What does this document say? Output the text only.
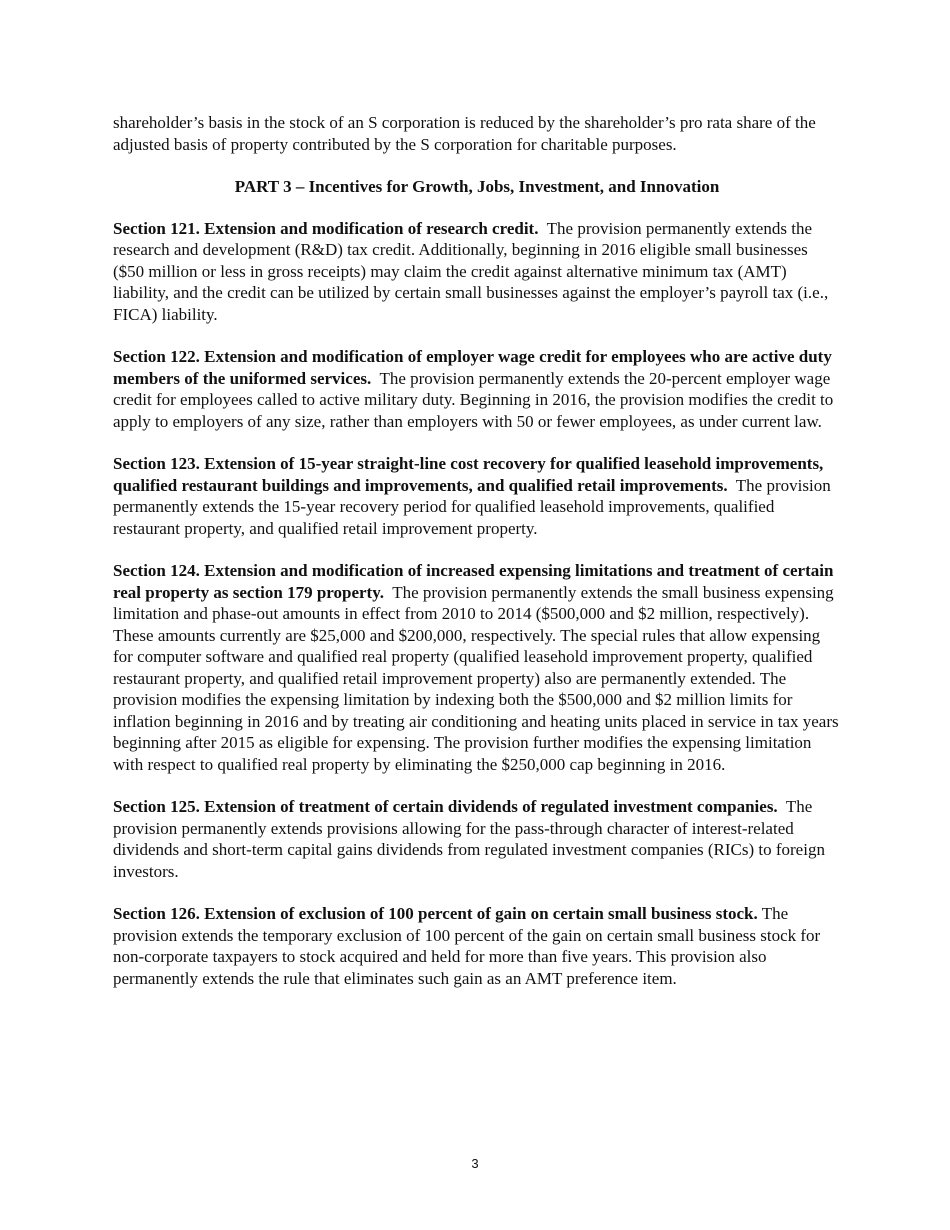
shareholder’s basis in the stock of an S corporation is reduced by the shareholder’s pro rata share of the adjusted basis of property contributed by the S corporation for charitable purposes.

PART 3 – Incentives for Growth, Jobs, Investment, and Innovation

Section 121. Extension and modification of research credit. The provision permanently extends the research and development (R&D) tax credit. Additionally, beginning in 2016 eligible small businesses ($50 million or less in gross receipts) may claim the credit against alternative minimum tax (AMT) liability, and the credit can be utilized by certain small businesses against the employer’s payroll tax (i.e., FICA) liability.

Section 122. Extension and modification of employer wage credit for employees who are active duty members of the uniformed services. The provision permanently extends the 20-percent employer wage credit for employees called to active military duty. Beginning in 2016, the provision modifies the credit to apply to employers of any size, rather than employers with 50 or fewer employees, as under current law.

Section 123. Extension of 15-year straight-line cost recovery for qualified leasehold improvements, qualified restaurant buildings and improvements, and qualified retail improvements. The provision permanently extends the 15-year recovery period for qualified leasehold improvements, qualified restaurant property, and qualified retail improvement property.

Section 124. Extension and modification of increased expensing limitations and treatment of certain real property as section 179 property. The provision permanently extends the small business expensing limitation and phase-out amounts in effect from 2010 to 2014 ($500,000 and $2 million, respectively). These amounts currently are $25,000 and $200,000, respectively. The special rules that allow expensing for computer software and qualified real property (qualified leasehold improvement property, qualified restaurant property, and qualified retail improvement property) also are permanently extended. The provision modifies the expensing limitation by indexing both the $500,000 and $2 million limits for inflation beginning in 2016 and by treating air conditioning and heating units placed in service in tax years beginning after 2015 as eligible for expensing. The provision further modifies the expensing limitation with respect to qualified real property by eliminating the $250,000 cap beginning in 2016.

Section 125. Extension of treatment of certain dividends of regulated investment companies. The provision permanently extends provisions allowing for the pass-through character of interest-related dividends and short-term capital gains dividends from regulated investment companies (RICs) to foreign investors.

Section 126. Extension of exclusion of 100 percent of gain on certain small business stock. The provision extends the temporary exclusion of 100 percent of the gain on certain small business stock for non-corporate taxpayers to stock acquired and held for more than five years. This provision also permanently extends the rule that eliminates such gain as an AMT preference item.

3
